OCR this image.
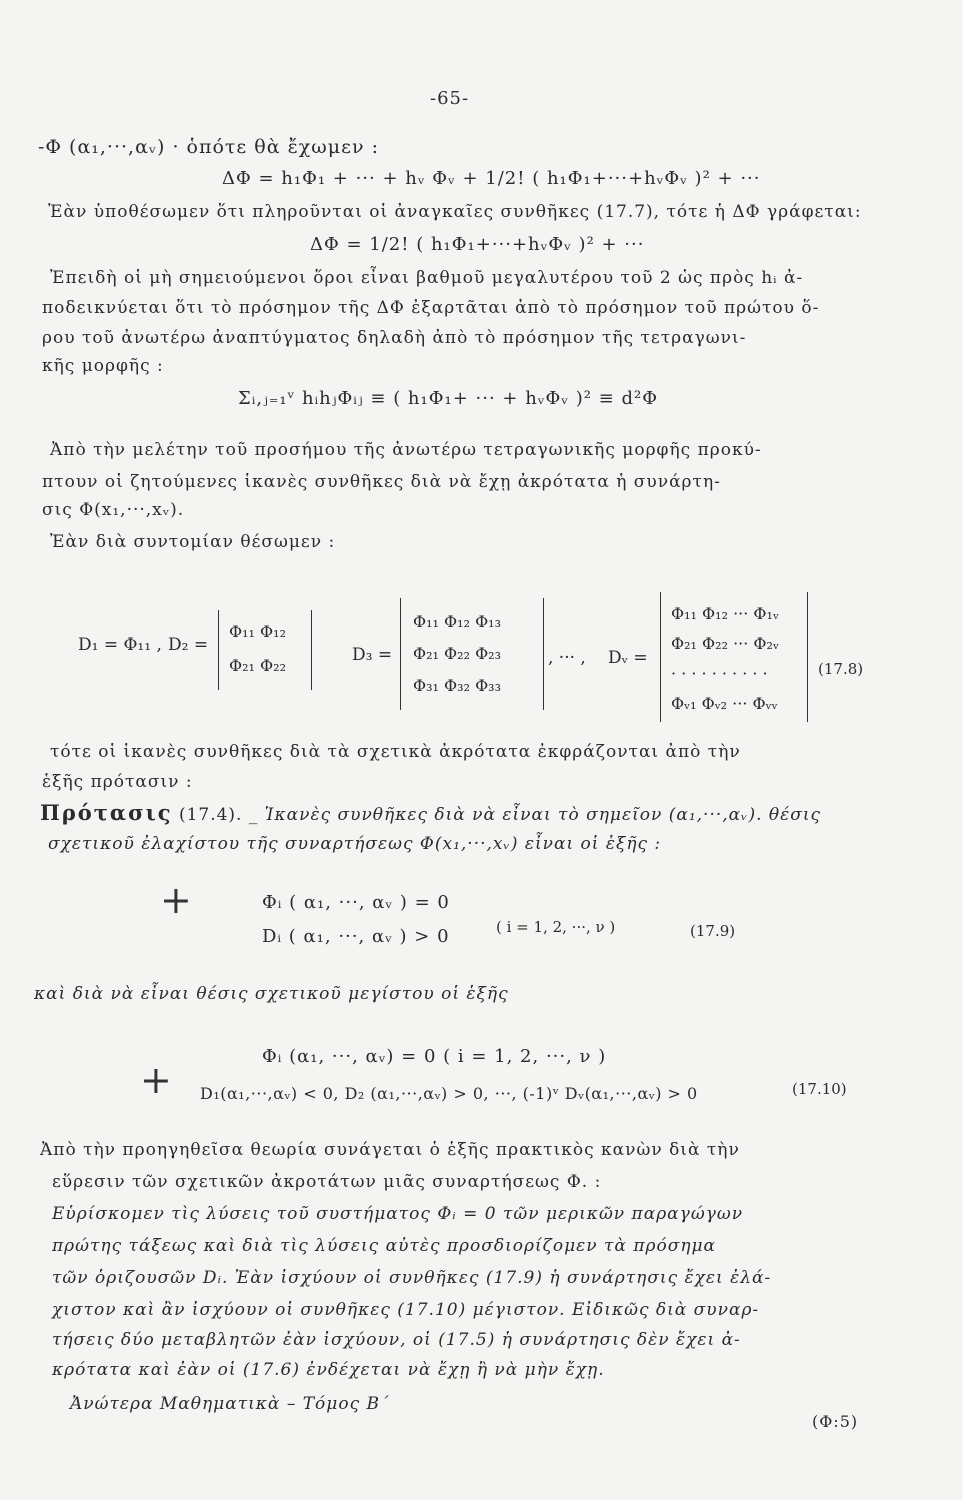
-65-
-Φ (α₁,···,αᵥ) · ὁπότε θὰ ἔχωμεν :
ΔΦ = h₁Φ₁ + ··· + hᵥ Φᵥ + 1/2! ( h₁Φ₁+···+hᵥΦᵥ )² + ···
Ἐὰν ὑποθέσωμεν ὅτι πληροῦνται οἱ ἀναγκαῖες συνθῆκες (17.7), τότε ἡ ΔΦ γράφεται:
ΔΦ = 1/2! ( h₁Φ₁+···+hᵥΦᵥ )² + ···
Ἐπειδὴ οἱ μὴ σημειούμενοι ὅροι εἶναι βαθμοῦ μεγαλυτέρου τοῦ 2 ὡς πρὸς hᵢ ἀ-
ποδεικνύεται ὅτι τὸ πρόσημον τῆς ΔΦ ἐξαρτᾶται ἀπὸ τὸ πρόσημον τοῦ πρώτου ὅ-
ρου τοῦ ἀνωτέρω ἀναπτύγματος δηλαδὴ ἀπὸ τὸ πρόσημον τῆς τετραγωνι-
κῆς μορφῆς :
Σᵢ,ⱼ₌₁ᵛ hᵢhⱼΦᵢⱼ ≡ ( h₁Φ₁+ ··· + hᵥΦᵥ )² ≡ d²Φ
Ἀπὸ τὴν μελέτην τοῦ προσήμου τῆς ἀνωτέρω τετραγωνικῆς μορφῆς προκύ-
πτουν οἱ ζητούμενες ἱκανὲς συνθῆκες διὰ νὰ ἔχῃ ἀκρότατα ἡ συνάρτη-
σις Φ(x₁,···,xᵥ).
Ἐὰν διὰ συντομίαν θέσωμεν :
D₁ = Φ₁₁ , D₂ =
Φ₁₁ Φ₁₂
Φ₂₁ Φ₂₂
D₃ =
Φ₁₁ Φ₁₂ Φ₁₃
Φ₂₁ Φ₂₂ Φ₂₃
Φ₃₁ Φ₃₂ Φ₃₃
, ··· , Dᵥ =
Φ₁₁ Φ₁₂ ··· Φ₁ᵥ
Φ₂₁ Φ₂₂ ··· Φ₂ᵥ
· · · · · · · · · ·
Φᵥ₁ Φᵥ₂ ··· Φᵥᵥ
(17.8)
τότε οἱ ἱκανὲς συνθῆκες διὰ τὰ σχετικὰ ἀκρότατα ἐκφράζονται ἀπὸ τὴν
ἑξῆς πρότασιν :
Πρότασις (17.4). _ Ἱκανὲς συνθῆκες διὰ νὰ εἶναι τὸ σημεῖον (α₁,···,αᵥ). θέσις
σχετικοῦ ἐλαχίστου τῆς συναρτήσεως Φ(x₁,···,xᵥ) εἶναι οἱ ἑξῆς :
+	Φᵢ ( α₁, ···, αᵥ ) = 0
Dᵢ ( α₁, ···, αᵥ ) > 0	( i = 1, 2, ···, ν )	(17.9)
καὶ διὰ νὰ εἶναι θέσις σχετικοῦ μεγίστου οἱ ἑξῆς
+
Φᵢ (α₁, ···, αᵥ) = 0 ( i = 1, 2, ···, ν )
D₁(α₁,···,αᵥ) < 0, D₂ (α₁,···,αᵥ) > 0, ···, (-1)ᵛ Dᵥ(α₁,···,αᵥ) > 0	(17.10)
Ἀπὸ τὴν προηγηθεῖσα θεωρία συνάγεται ὁ ἑξῆς πρακτικὸς κανὼν διὰ τὴν
εὕρεσιν τῶν σχετικῶν ἀκροτάτων μιᾶς συναρτήσεως Φ. :
Εὑρίσκομεν τὶς λύσεις τοῦ συστήματος Φᵢ = 0 τῶν μερικῶν παραγώγων
πρώτης τάξεως καὶ διὰ τὶς λύσεις αὐτὲς προσδιορίζομεν τὰ πρόσημα
τῶν ὁριζουσῶν Dᵢ. Ἐὰν ἰσχύουν οἱ συνθῆκες (17.9) ἡ συνάρτησις ἔχει ἐλά-
χιστον καὶ ἂν ἰσχύουν οἱ συνθῆκες (17.10) μέγιστον. Εἰδικῶς διὰ συναρ-
τήσεις δύο μεταβλητῶν ἐὰν ἰσχύουν, οἱ (17.5) ἡ συνάρτησις δὲν ἔχει ἀ-
κρότατα καὶ ἐὰν οἱ (17.6) ἐνδέχεται νὰ ἔχῃ ἢ νὰ μὴν ἔχῃ.
Ἀνώτερα Μαθηματικὰ – Τόμος Β΄
(Φ:5)
